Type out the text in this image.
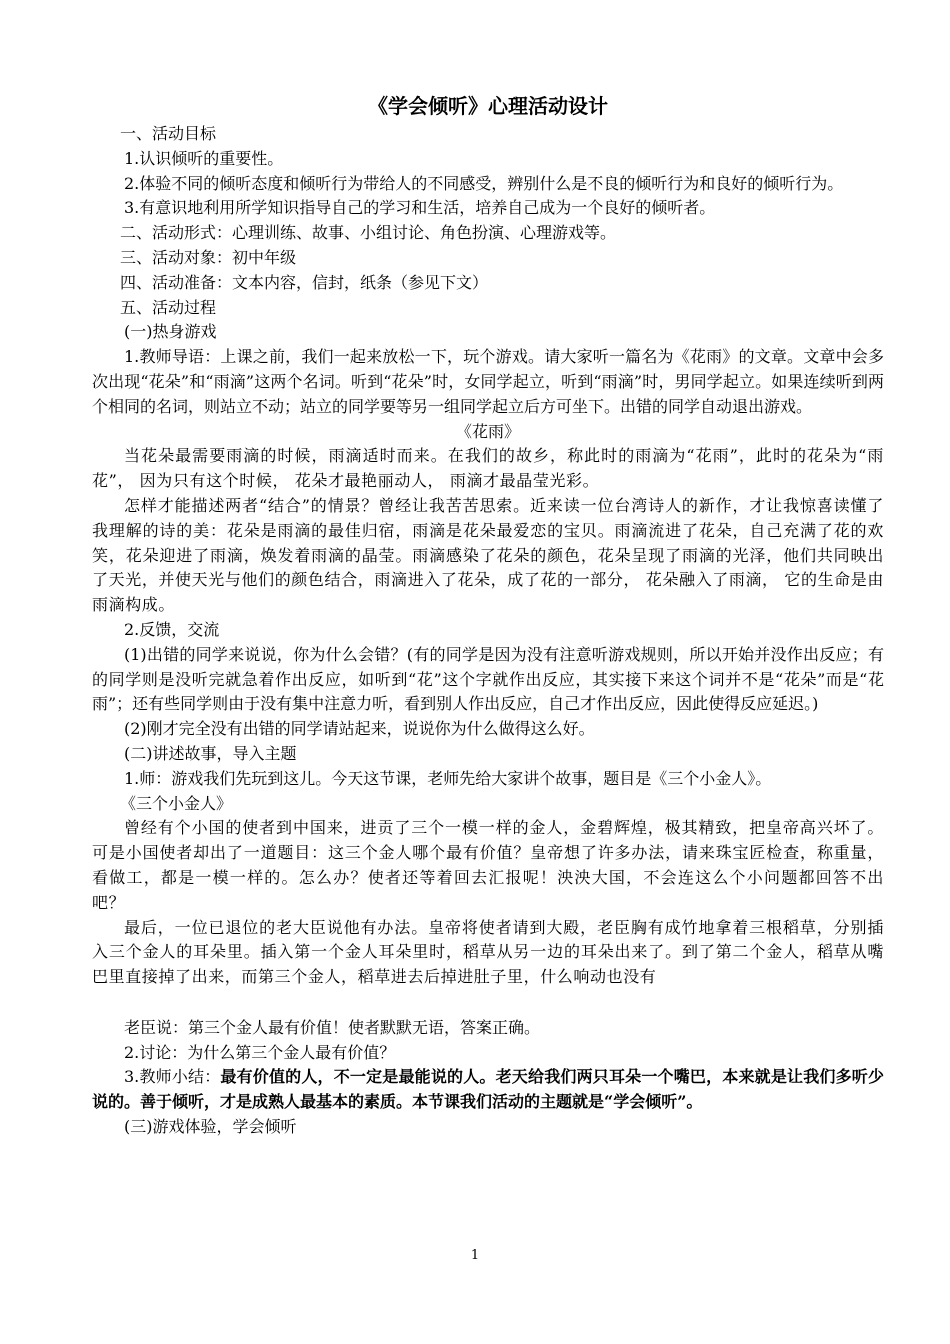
《学会倾听》心理活动设计

一、活动目标

1.认识倾听的重要性。

2.体验不同的倾听态度和倾听行为带给人的不同感受，辨别什么是不良的倾听行为和良好的倾听行为。

3.有意识地利用所学知识指导自己的学习和生活，培养自己成为一个良好的倾听者。

二、活动形式：心理训练、故事、小组讨论、角色扮演、心理游戏等。

三、活动对象：初中年级

四、活动准备：文本内容，信封，纸条（参见下文）

五、活动过程

(一)热身游戏

1.教师导语：上课之前，我们一起来放松一下，玩个游戏。请大家听一篇名为《花雨》的文章。文章中会多次出现“花朵”和“雨滴”这两个名词。听到“花朵”时，女同学起立，听到“雨滴”时，男同学起立。如果连续听到两个相同的名词，则站立不动；站立的同学要等另一组同学起立后方可坐下。出错的同学自动退出游戏。

《花雨》

当花朵最需要雨滴的时候，雨滴适时而来。在我们的故乡，称此时的雨滴为“花雨”，此时的花朵为“雨花”， 因为只有这个时候， 花朵才最艳丽动人， 雨滴才最晶莹光彩。

怎样才能描述两者“结合”的情景？曾经让我苦苦思索。近来读一位台湾诗人的新作，才让我惊喜读懂了我理解的诗的美：花朵是雨滴的最佳归宿，雨滴是花朵最爱恋的宝贝。雨滴流进了花朵，自己充满了花的欢笑，花朵迎进了雨滴，焕发着雨滴的晶莹。雨滴感染了花朵的颜色，花朵呈现了雨滴的光泽，他们共同映出了天光，并使天光与他们的颜色结合，雨滴进入了花朵，成了花的一部分， 花朵融入了雨滴， 它的生命是由雨滴构成。

2.反馈，交流

(1)出错的同学来说说，你为什么会错？(有的同学是因为没有注意听游戏规则，所以开始并没作出反应；有的同学则是没听完就急着作出反应，如听到“花”这个字就作出反应，其实接下来这个词并不是“花朵”而是“花雨”；还有些同学则由于没有集中注意力听，看到别人作出反应，自己才作出反应，因此使得反应延迟。)

(2)刚才完全没有出错的同学请站起来，说说你为什么做得这么好。

(二)讲述故事，导入主题

1.师：游戏我们先玩到这儿。今天这节课，老师先给大家讲个故事，题目是《三个小金人》。

《三个小金人》

曾经有个小国的使者到中国来，进贡了三个一模一样的金人，金碧辉煌，极其精致，把皇帝高兴坏了。可是小国使者却出了一道题目：这三个金人哪个最有价值？皇帝想了许多办法，请来珠宝匠检查，称重量，看做工，都是一模一样的。怎么办？使者还等着回去汇报呢！泱泱大国，不会连这么个小问题都回答不出吧？

最后，一位已退位的老大臣说他有办法。皇帝将使者请到大殿，老臣胸有成竹地拿着三根稻草，分别插入三个金人的耳朵里。插入第一个金人耳朵里时，稻草从另一边的耳朵出来了。到了第二个金人，稻草从嘴巴里直接掉了出来，而第三个金人，稻草进去后掉进肚子里，什么响动也没有

老臣说：第三个金人最有价值！使者默默无语，答案正确。

2.讨论：为什么第三个金人最有价值？

3.教师小结：最有价值的人，不一定是最能说的人。老天给我们两只耳朵一个嘴巴，本来就是让我们多听少说的。善于倾听，才是成熟人最基本的素质。本节课我们活动的主题就是“学会倾听”。

(三)游戏体验，学会倾听

1
